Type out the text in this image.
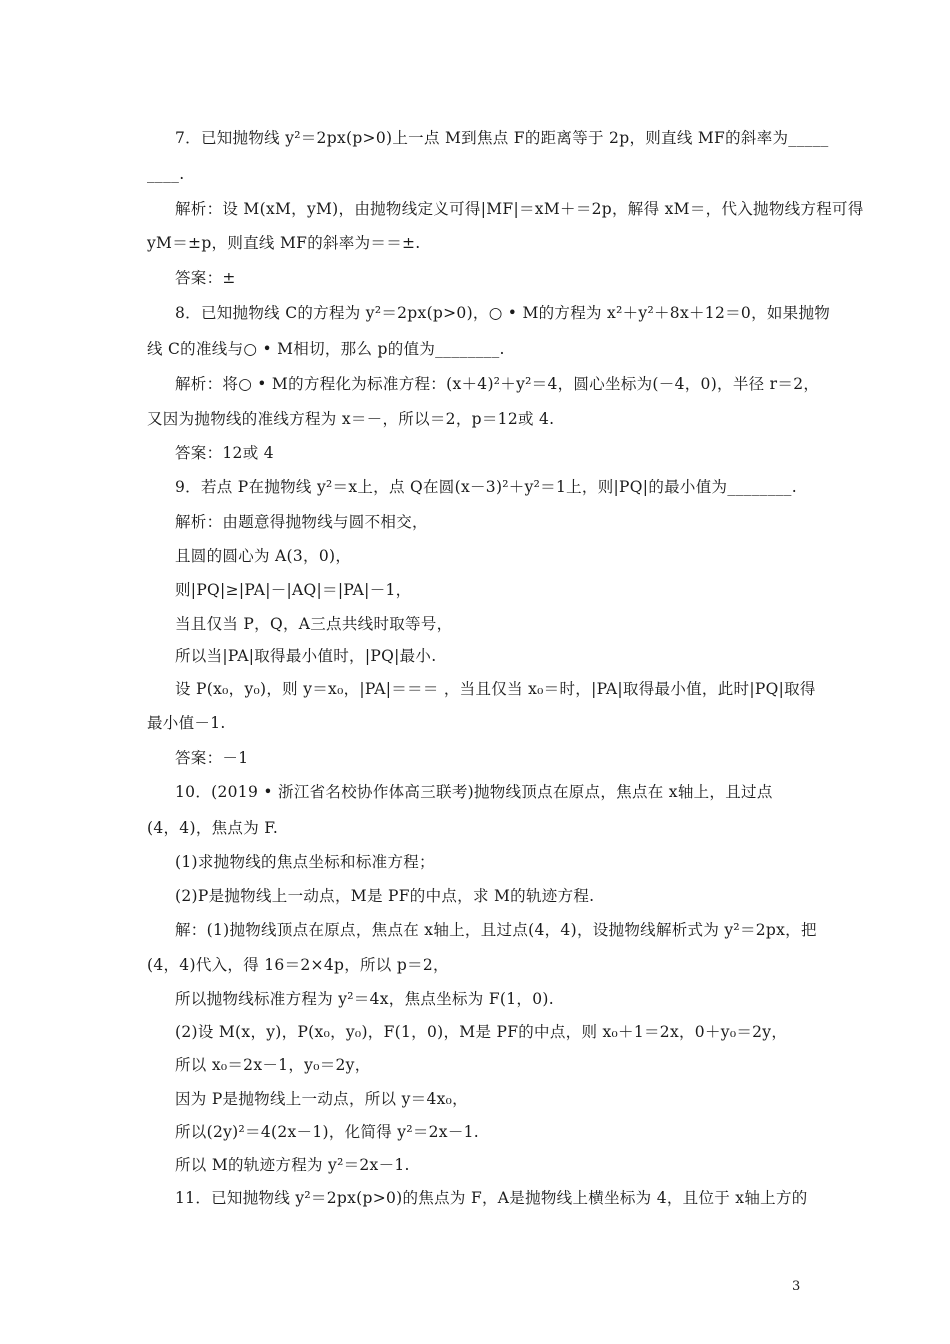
7．已知抛物线 y²＝2px(p>0)上一点 M到焦点 F的距离等于 2p，则直线 MF的斜率为_____
____.
解析：设 M(xM，yM)，由抛物线定义可得|MF|＝xM＋＝2p，解得 xM＝，代入抛物线方程可得
yM＝±p，则直线 MF的斜率为＝＝±.
答案：±
8．已知抛物线 C的方程为 y²＝2px(p>0)，○ • M的方程为 x²＋y²＋8x＋12＝0，如果抛物
线 C的准线与○ • M相切，那么 p的值为________.
解析：将○ • M的方程化为标准方程：(x＋4)²＋y²＝4，圆心坐标为(－4，0)，半径 r＝2，
又因为抛物线的准线方程为 x＝－，所以＝2，p＝12或 4.
答案：12或 4
9．若点 P在抛物线 y²＝x上，点 Q在圆(x－3)²＋y²＝1上，则|PQ|的最小值为________.
解析：由题意得抛物线与圆不相交，
且圆的圆心为 A(3，0)，
则|PQ|≥|PA|－|AQ|＝|PA|－1，
当且仅当 P，Q，A三点共线时取等号，
所以当|PA|取得最小值时，|PQ|最小.
设 P(x₀，y₀)，则 y＝x₀，|PA|＝＝＝ ，当且仅当 x₀＝时，|PA|取得最小值，此时|PQ|取得
最小值－1.
答案：－1
10．(2019 • 浙江省名校协作体高三联考)抛物线顶点在原点，焦点在 x轴上，且过点
(4，4)，焦点为 F.
(1)求抛物线的焦点坐标和标准方程；
(2)P是抛物线上一动点，M是 PF的中点，求 M的轨迹方程.
解：(1)抛物线顶点在原点，焦点在 x轴上，且过点(4，4)，设抛物线解析式为 y²＝2px，把
(4，4)代入，得 16＝2×4p，所以 p＝2，
所以抛物线标准方程为 y²＝4x，焦点坐标为 F(1，0).
(2)设 M(x，y)，P(x₀，y₀)，F(1，0)，M是 PF的中点，则 x₀＋1＝2x，0＋y₀＝2y，
所以 x₀＝2x－1，y₀＝2y，
因为 P是抛物线上一动点，所以 y＝4x₀，
所以(2y)²＝4(2x－1)，化简得 y²＝2x－1.
所以 M的轨迹方程为 y²＝2x－1.
11．已知抛物线 y²＝2px(p>0)的焦点为 F，A是抛物线上横坐标为 4，且位于 x轴上方的
3
